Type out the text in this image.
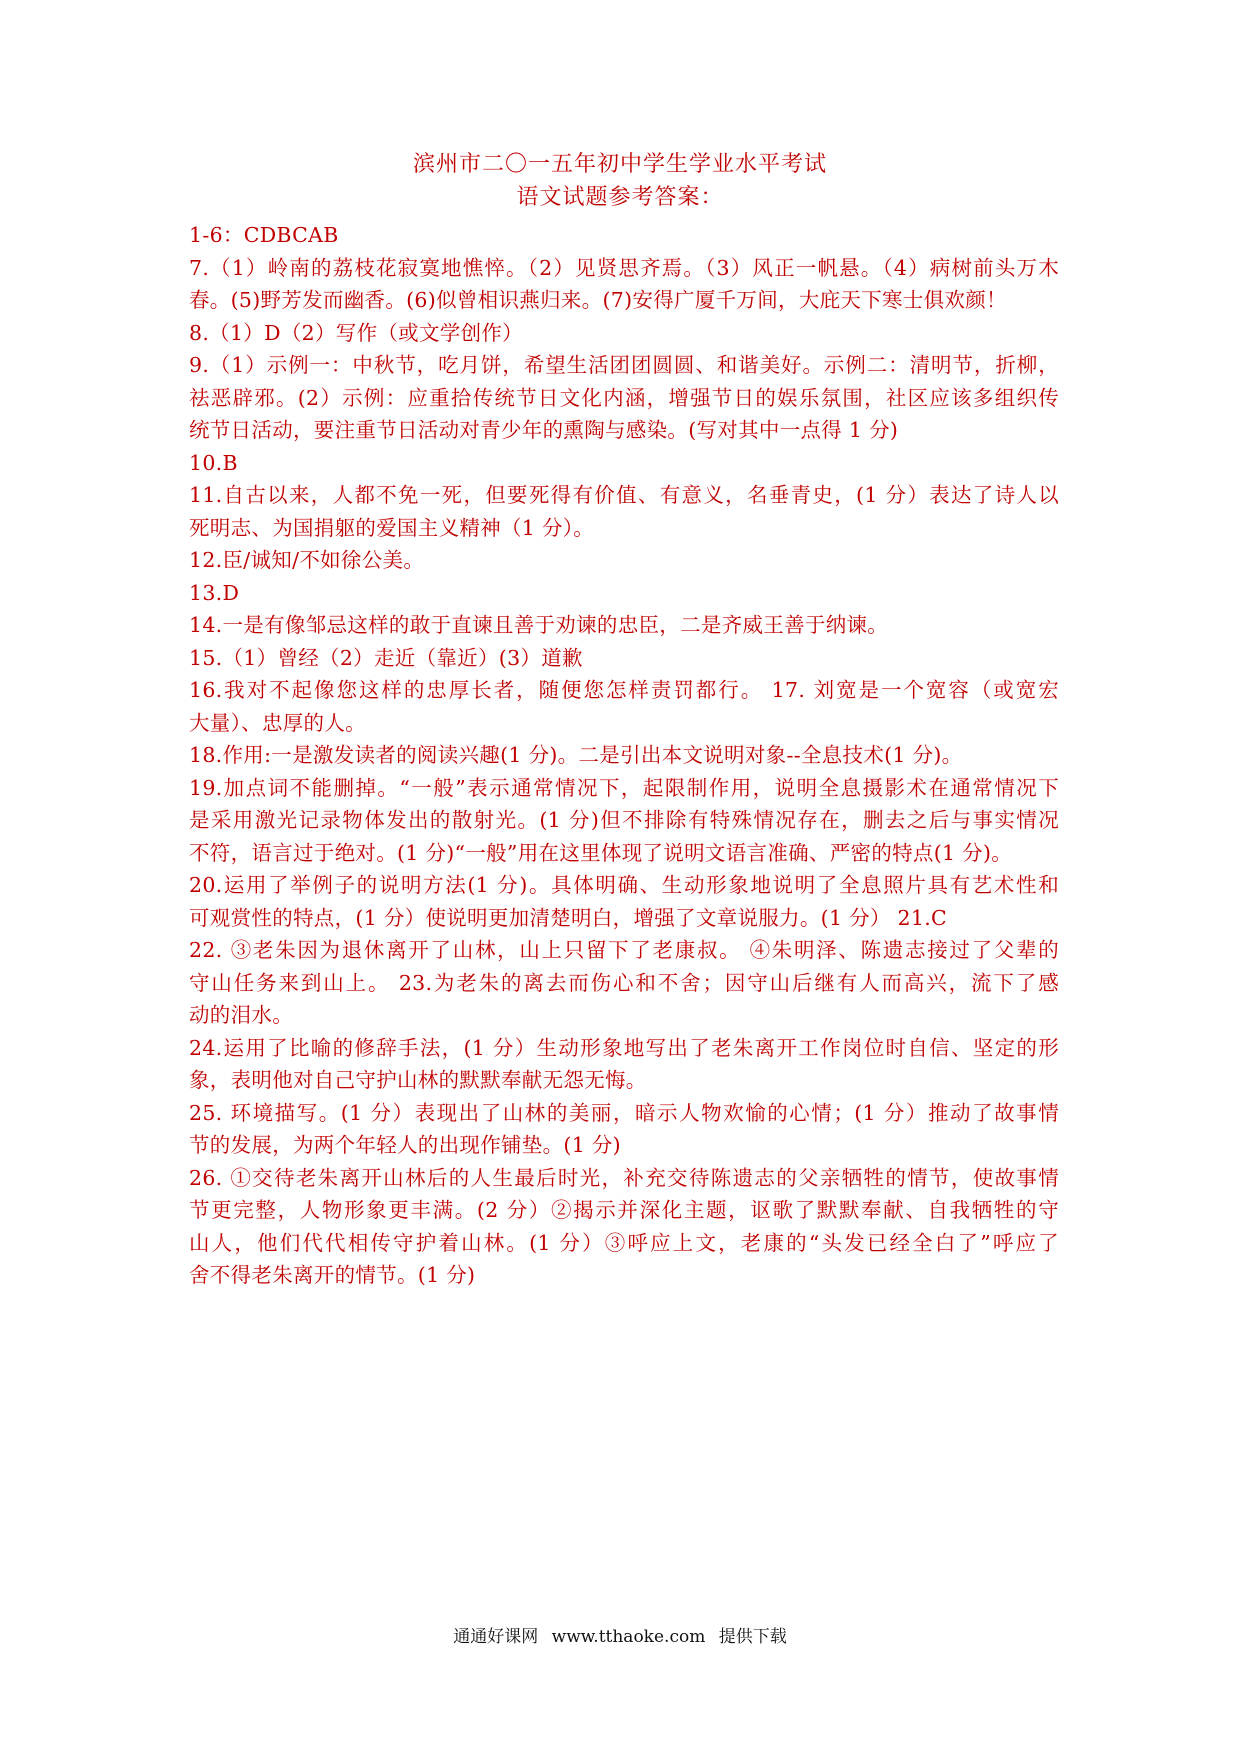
滨州市二〇一五年初中学生学业水平考试
语文试题参考答案：
1-6：CDBCAB
7.（1）岭南的荔枝花寂寞地憔悴。（2）见贤思齐焉。（3）风正一帆悬。（4）病树前头万木
春。(5)野芳发而幽香。(6)似曾相识燕归来。(7)安得广厦千万间，大庇天下寒士俱欢颜！
8.（1）D（2）写作（或文学创作）
9.（1）示例一：中秋节，吃月饼，希望生活团团圆圆、和谐美好。示例二：清明节，折柳，
祛恶辟邪。(2）示例：应重拾传统节日文化内涵，增强节日的娱乐氛围，社区应该多组织传
统节日活动，要注重节日活动对青少年的熏陶与感染。(写对其中一点得 1 分)
10.B
11.自古以来，人都不免一死，但要死得有价值、有意义，名垂青史，(1 分）表达了诗人以
死明志、为国捐躯的爱国主义精神（1 分）。
12.臣/诚知/不如徐公美。
13.D
14.一是有像邹忌这样的敢于直谏且善于劝谏的忠臣，二是齐威王善于纳谏。
15.（1）曾经（2）走近（靠近）(3）道歉
16.我对不起像您这样的忠厚长者，随便您怎样责罚都行。 17. 刘宽是一个宽容（或宽宏
大量）、忠厚的人。
18.作用:一是激发读者的阅读兴趣(1 分)。二是引出本文说明对象--全息技术(1 分)。
19.加点词不能删掉。“一般”表示通常情况下，起限制作用，说明全息摄影术在通常情况下
是采用激光记录物体发出的散射光。(1 分)但不排除有特殊情况存在，删去之后与事实情况
不符，语言过于绝对。(1 分)“一般”用在这里体现了说明文语言准确、严密的特点(1 分)。
20.运用了举例子的说明方法(1 分)。具体明确、生动形象地说明了全息照片具有艺术性和
可观赏性的特点，(1 分）使说明更加清楚明白，增强了文章说服力。(1 分） 21.C
22. ③老朱因为退休离开了山林，山上只留下了老康叔。 ④朱明泽、陈遗志接过了父辈的
守山任务来到山上。 23.为老朱的离去而伤心和不舍；因守山后继有人而高兴，流下了感
动的泪水。
24.运用了比喻的修辞手法，(1 分）生动形象地写出了老朱离开工作岗位时自信、坚定的形
象，表明他对自己守护山林的默默奉献无怨无悔。
25. 环境描写。(1 分）表现出了山林的美丽，暗示人物欢愉的心情；(1 分）推动了故事情
节的发展，为两个年轻人的出现作铺垫。(1 分)
26. ①交待老朱离开山林后的人生最后时光，补充交待陈遗志的父亲牺牲的情节，使故事情
节更完整，人物形象更丰满。(2 分）②揭示并深化主题，讴歌了默默奉献、自我牺牲的守
山人，他们代代相传守护着山林。(1 分）③呼应上文，老康的“头发已经全白了”呼应了
舍不得老朱离开的情节。(1 分)
通通好课网 www.tthaoke.com 提供下载
